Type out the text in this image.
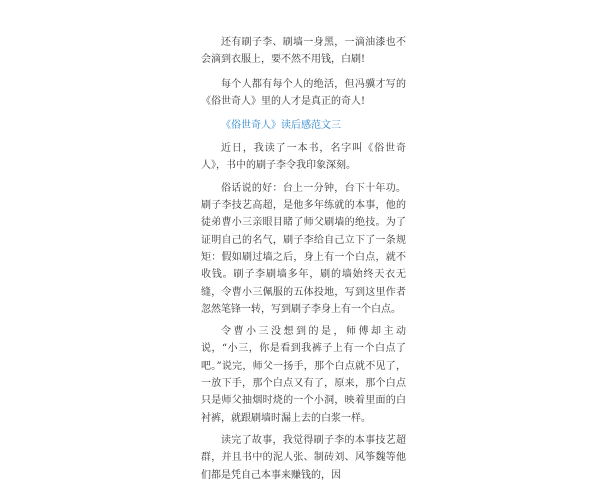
还有刷子李、刷墙一身黑，一滴油漆也不会滴到衣服上，要不然不用钱，白刷!

每个人都有每个人的绝活，但冯骥才写的《俗世奇人》里的人才是真正的奇人!

《俗世奇人》读后感范文三

近日，我读了一本书，名字叫《俗世奇人》，书中的刷子李令我印象深刻。

俗话说的好：台上一分钟，台下十年功。刷子李技艺高超，是他多年练就的本事，他的徒弟曹小三亲眼目睹了师父刷墙的绝技。为了证明自己的名气，刷子李给自己立下了一条规矩：假如刷过墙之后，身上有一个白点，就不收钱。刷子李刷墙多年，刷的墙始终天衣无缝，令曹小三佩服的五体投地，写到这里作者忽然笔锋一转，写到刷子李身上有一个白点。

令曹小三没想到的是，师傅却主动说，“小三，你是看到我裤子上有一个白点了吧。”说完，师父一扬手，那个白点就不见了，一放下手，那个白点又有了，原来，那个白点只是师父抽烟时烧的一个小洞，映着里面的白衬裤，就跟刷墙时漏上去的白浆一样。

读完了故事，我觉得刷子李的本事技艺超群，并且书中的泥人张、制砖刘、风筝魏等他们都是凭自己本事来赚钱的，因
